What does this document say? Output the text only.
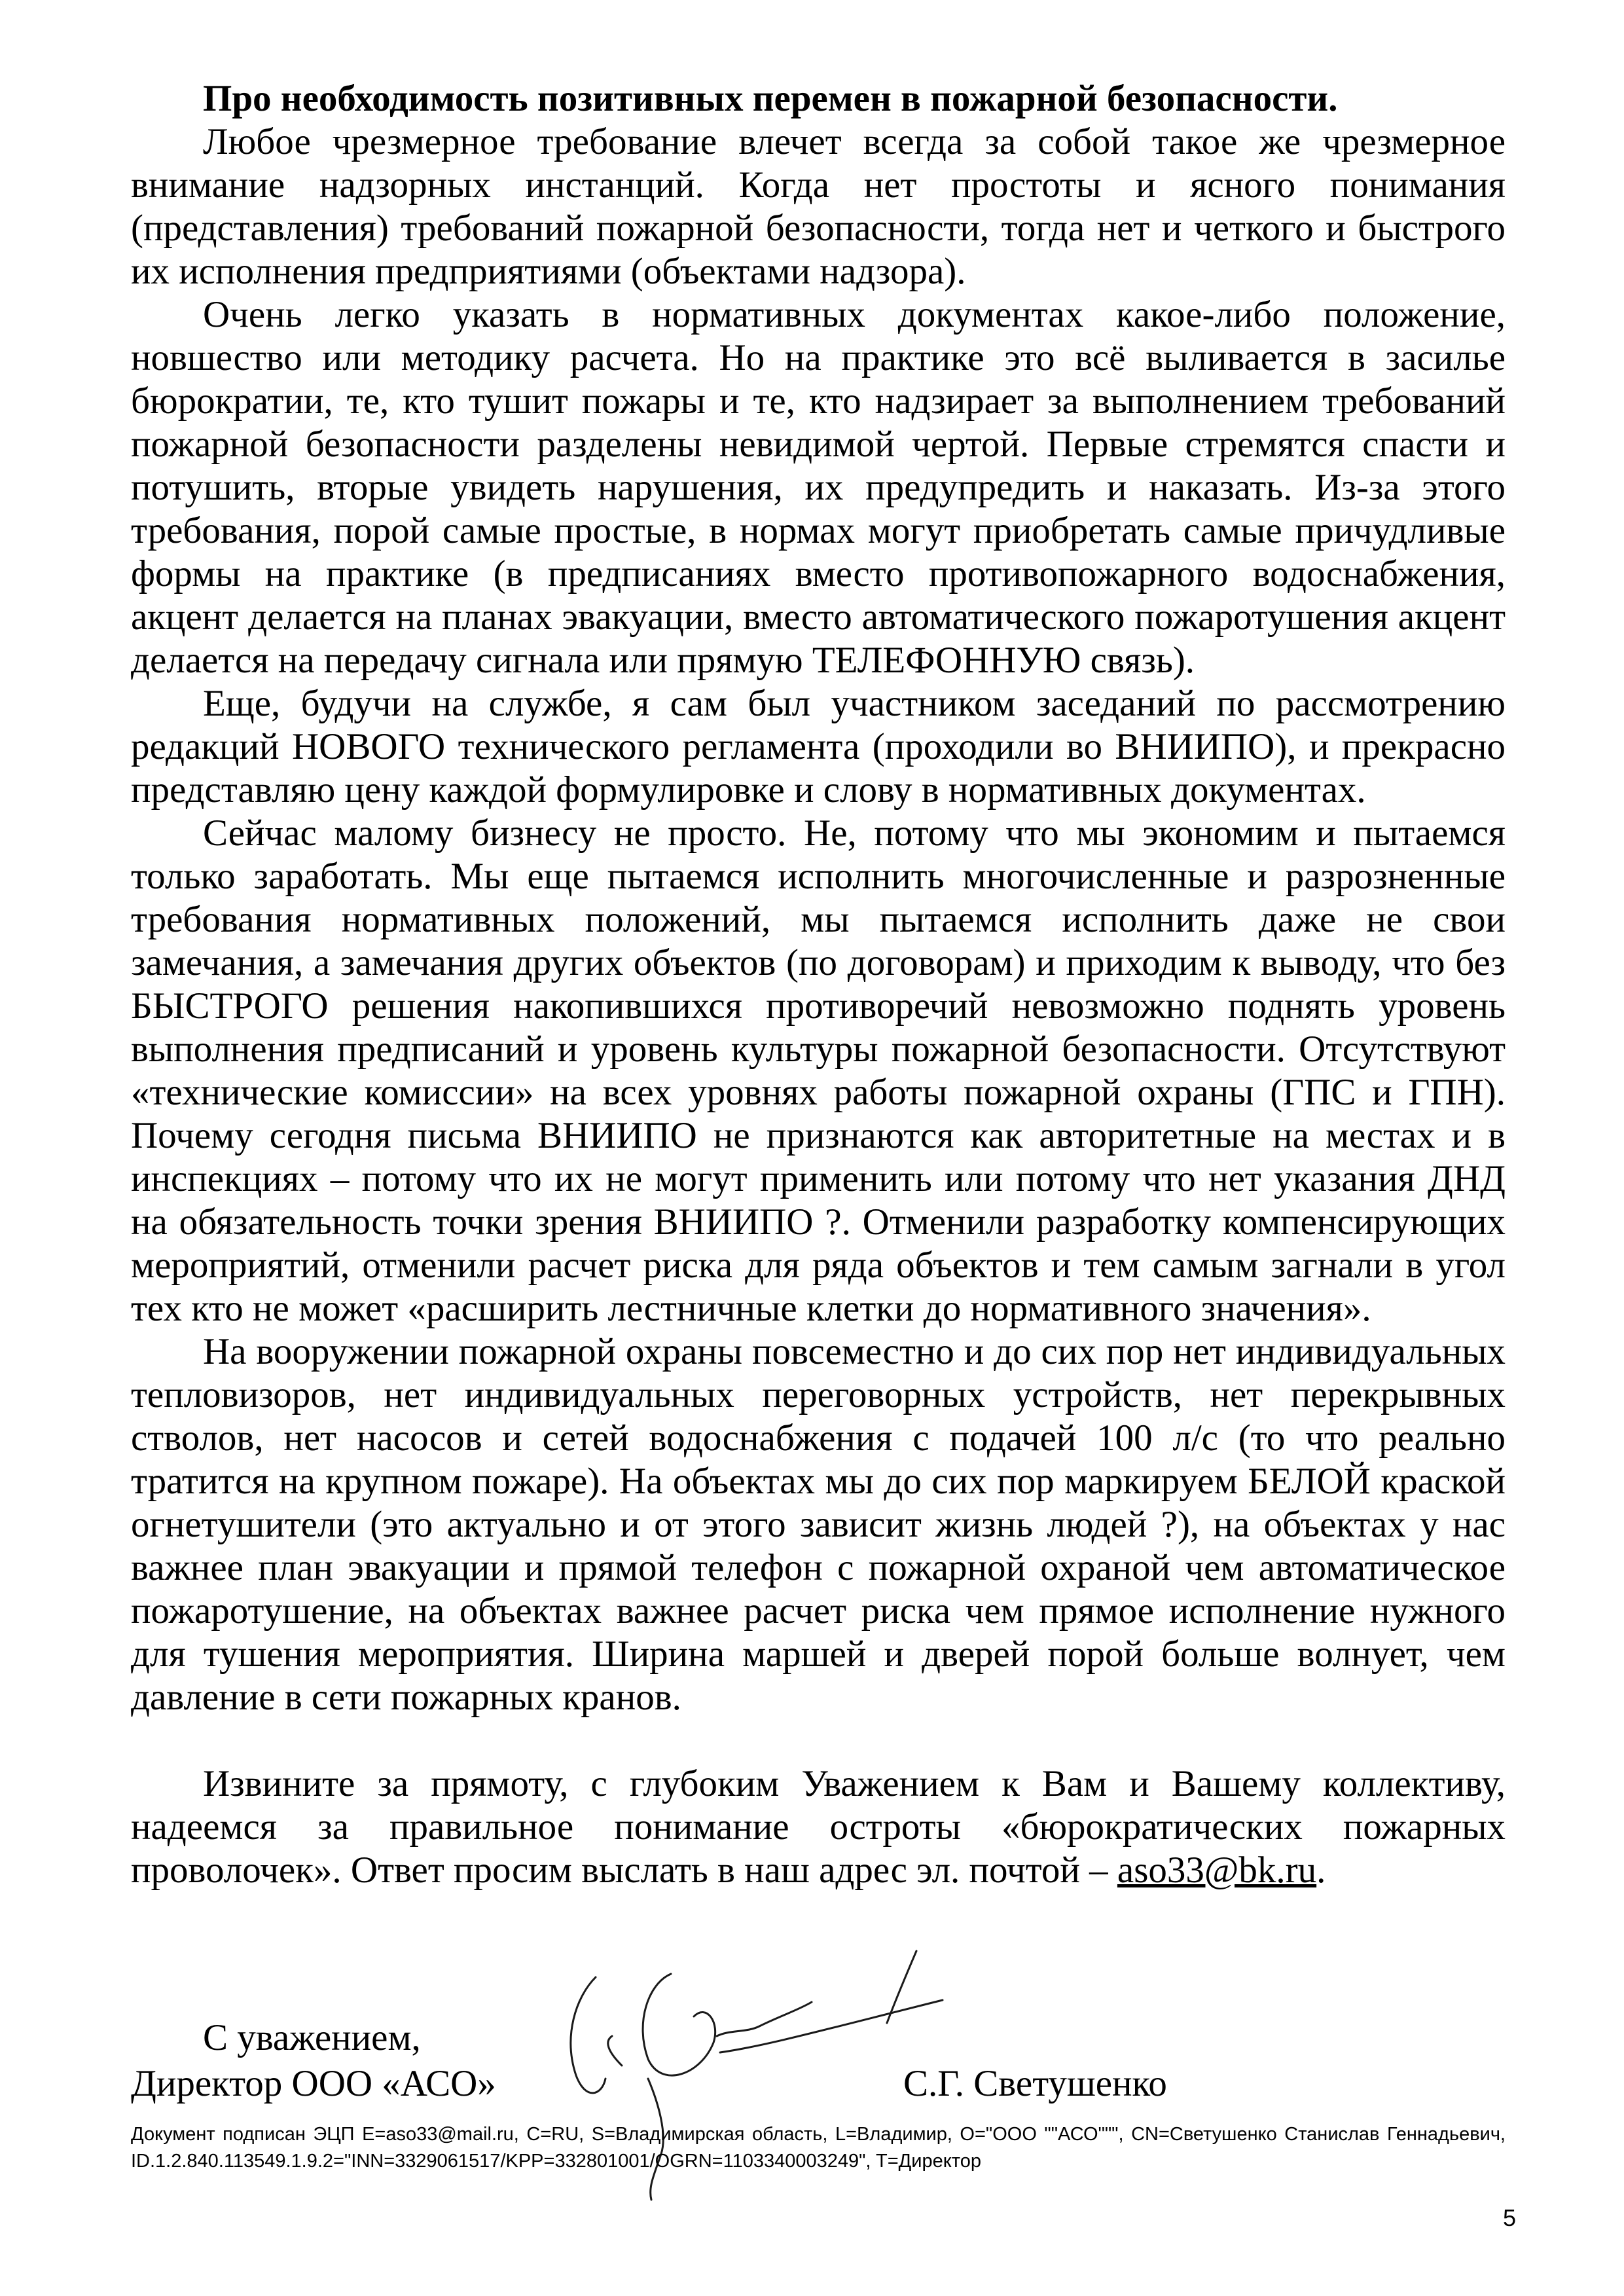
Про необходимость позитивных перемен в пожарной безопасности.

Любое чрезмерное требование влечет всегда за собой такое же чрезмерное внимание надзорных инстанций. Когда нет простоты и ясного понимания (представления) требований пожарной безопасности, тогда нет и четкого и быстрого их исполнения предприятиями (объектами надзора).

Очень легко указать в нормативных документах какое-либо положение, новшество или методику расчета. Но на практике это всё выливается в засилье бюрократии, те, кто тушит пожары и те, кто надзирает за выполнением требований пожарной безопасности разделены невидимой чертой. Первые стремятся спасти и потушить, вторые увидеть нарушения, их предупредить и наказать. Из-за этого требования, порой самые простые, в нормах могут приобретать самые причудливые формы на практике (в предписаниях вместо противопожарного водоснабжения, акцент делается на планах эвакуации, вместо автоматического пожаротушения акцент делается на передачу сигнала или прямую ТЕЛЕФОННУЮ связь).

Еще, будучи на службе, я сам был участником заседаний по рассмотрению редакций НОВОГО технического регламента (проходили во ВНИИПО), и прекрасно представляю цену каждой формулировке и слову в нормативных документах.

Сейчас малому бизнесу не просто. Не, потому что мы экономим и пытаемся только заработать. Мы еще пытаемся исполнить многочисленные и разрозненные требования нормативных положений, мы пытаемся исполнить даже не свои замечания, а замечания других объектов (по договорам) и приходим к выводу, что без БЫСТРОГО решения накопившихся противоречий невозможно поднять уровень выполнения предписаний и уровень культуры пожарной безопасности. Отсутствуют «технические комиссии» на всех уровнях работы пожарной охраны (ГПС и ГПН). Почему сегодня письма ВНИИПО не признаются как авторитетные на местах и в инспекциях – потому что их не могут применить или потому что нет указания ДНД на обязательность точки зрения ВНИИПО ?. Отменили разработку компенсирующих мероприятий, отменили расчет риска для ряда объектов и тем самым загнали в угол тех кто не может «расширить лестничные клетки до нормативного значения».

На вооружении пожарной охраны повсеместно и до сих пор нет индивидуальных тепловизоров, нет индивидуальных переговорных устройств, нет перекрывных стволов, нет насосов и сетей водоснабжения с подачей 100 л/с (то что реально тратится на крупном пожаре). На объектах мы до сих пор маркируем БЕЛОЙ краской огнетушители (это актуально и от этого зависит жизнь людей ?), на объектах у нас важнее план эвакуации и прямой телефон с пожарной охраной чем автоматическое пожаротушение, на объектах важнее расчет риска чем прямое исполнение нужного для тушения мероприятия. Ширина маршей и дверей порой больше волнует, чем давление в сети пожарных кранов.

Извините за прямоту, с глубоким Уважением к Вам и Вашему коллективу, надеемся за правильное понимание остроты «бюрократических пожарных проволочек». Ответ просим выслать в наш адрес эл. почтой – aso33@bk.ru.

С уважением,
Директор ООО «АСО»	С.Г. Светушенко
Документ подписан ЭЦП E=aso33@mail.ru, C=RU, S=Владимирская область, L=Владимир, O="ООО ""АСО""", CN=Светушенко Станислав Геннадьевич, ID.1.2.840.113549.1.9.2="INN=3329061517/KPP=332801001/OGRN=1103340003249", T=Директор
5
